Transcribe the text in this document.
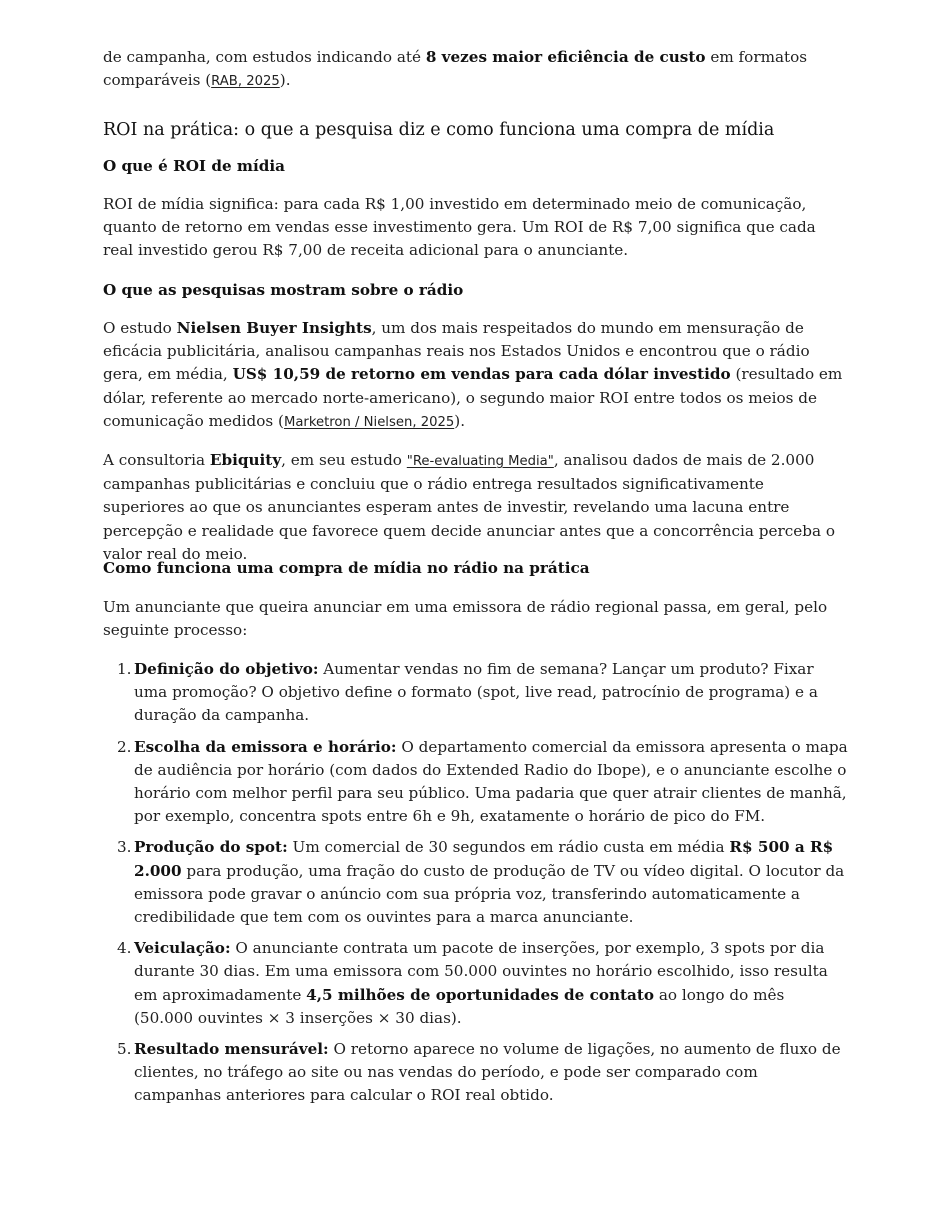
de campanha, com estudos indicando até 8 vezes maior eficiência de custo em formatos comparáveis (RAB, 2025).

ROI na prática: o que a pesquisa diz e como funciona uma compra de mídia
O que é ROI de mídia

ROI de mídia significa: para cada R$ 1,00 investido em determinado meio de comunicação, quanto de retorno em vendas esse investimento gera. Um ROI de R$ 7,00 significa que cada real investido gerou R$ 7,00 de receita adicional para o anunciante.

O que as pesquisas mostram sobre o rádio

O estudo Nielsen Buyer Insights, um dos mais respeitados do mundo em mensuração de eficácia publicitária, analisou campanhas reais nos Estados Unidos e encontrou que o rádio gera, em média, US$ 10,59 de retorno em vendas para cada dólar investido (resultado em dólar, referente ao mercado norte-americano), o segundo maior ROI entre todos os meios de comunicação medidos (Marketron / Nielsen, 2025).

A consultoria Ebiquity, em seu estudo "Re-evaluating Media", analisou dados de mais de 2.000 campanhas publicitárias e concluiu que o rádio entrega resultados significativamente superiores ao que os anunciantes esperam antes de investir, revelando uma lacuna entre percepção e realidade que favorece quem decide anunciar antes que a concorrência perceba o valor real do meio.

Como funciona uma compra de mídia no rádio na prática

Um anunciante que queira anunciar em uma emissora de rádio regional passa, em geral, pelo seguinte processo:

1. Definição do objetivo: Aumentar vendas no fim de semana? Lançar um produto? Fixar uma promoção? O objetivo define o formato (spot, live read, patrocínio de programa) e a duração da campanha.
2. Escolha da emissora e horário: O departamento comercial da emissora apresenta o mapa de audiência por horário (com dados do Extended Radio do Ibope), e o anunciante escolhe o horário com melhor perfil para seu público. Uma padaria que quer atrair clientes de manhã, por exemplo, concentra spots entre 6h e 9h, exatamente o horário de pico do FM.
3. Produção do spot: Um comercial de 30 segundos em rádio custa em média R$ 500 a R$ 2.000 para produção, uma fração do custo de produção de TV ou vídeo digital. O locutor da emissora pode gravar o anúncio com sua própria voz, transferindo automaticamente a credibilidade que tem com os ouvintes para a marca anunciante.
4. Veiculação: O anunciante contrata um pacote de inserções, por exemplo, 3 spots por dia durante 30 dias. Em uma emissora com 50.000 ouvintes no horário escolhido, isso resulta em aproximadamente 4,5 milhões de oportunidades de contato ao longo do mês (50.000 ouvintes × 3 inserções × 30 dias).
5. Resultado mensurável: O retorno aparece no volume de ligações, no aumento de fluxo de clientes, no tráfego ao site ou nas vendas do período, e pode ser comparado com campanhas anteriores para calcular o ROI real obtido.
